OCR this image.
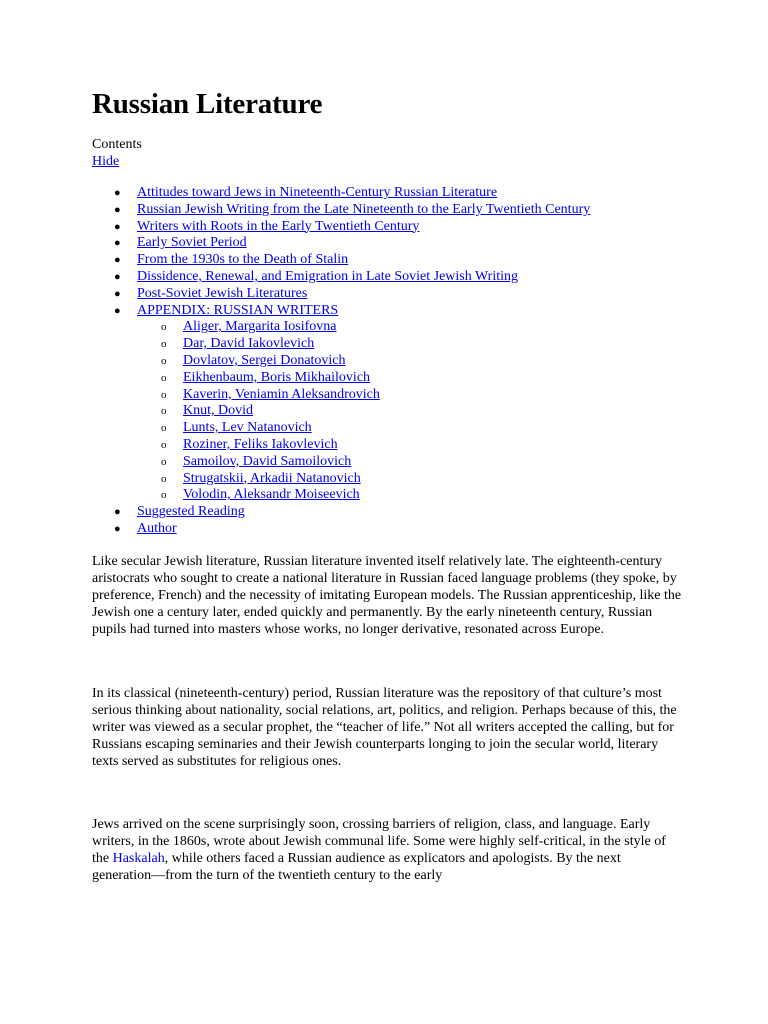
Russian Literature
Contents
Hide
● Attitudes toward Jews in Nineteenth-Century Russian Literature
● Russian Jewish Writing from the Late Nineteenth to the Early Twentieth Century
● Writers with Roots in the Early Twentieth Century
● Early Soviet Period
● From the 1930s to the Death of Stalin
● Dissidence, Renewal, and Emigration in Late Soviet Jewish Writing
● Post-Soviet Jewish Literatures
● APPENDIX: RUSSIAN WRITERS
o Aliger, Margarita Iosifovna
o Dar, David Iakovlevich
o Dovlatov, Sergei Donatovich
o Eikhenbaum, Boris Mikhailovich
o Kaverin, Veniamin Aleksandrovich
o Knut, Dovid
o Lunts, Lev Natanovich
o Roziner, Feliks Iakovlevich
o Samoilov, David Samoilovich
o Strugatskii, Arkadii Natanovich
o Volodin, Aleksandr Moiseevich
● Suggested Reading
● Author

Like secular Jewish literature, Russian literature invented itself relatively late. The eighteenth-century aristocrats who sought to create a national literature in Russian faced language problems (they spoke, by preference, French) and the necessity of imitating European models. The Russian apprenticeship, like the Jewish one a century later, ended quickly and permanently. By the early nineteenth century, Russian pupils had turned into masters whose works, no longer derivative, resonated across Europe.

In its classical (nineteenth-century) period, Russian literature was the repository of that culture’s most serious thinking about nationality, social relations, art, politics, and religion. Perhaps because of this, the writer was viewed as a secular prophet, the “teacher of life.” Not all writers accepted the calling, but for Russians escaping seminaries and their Jewish counterparts longing to join the secular world, literary texts served as substitutes for religious ones.

Jews arrived on the scene surprisingly soon, crossing barriers of religion, class, and language. Early writers, in the 1860s, wrote about Jewish communal life. Some were highly self-critical, in the style of the Haskalah, while others faced a Russian audience as explicators and apologists. By the next generation—from the turn of the twentieth century to the early
